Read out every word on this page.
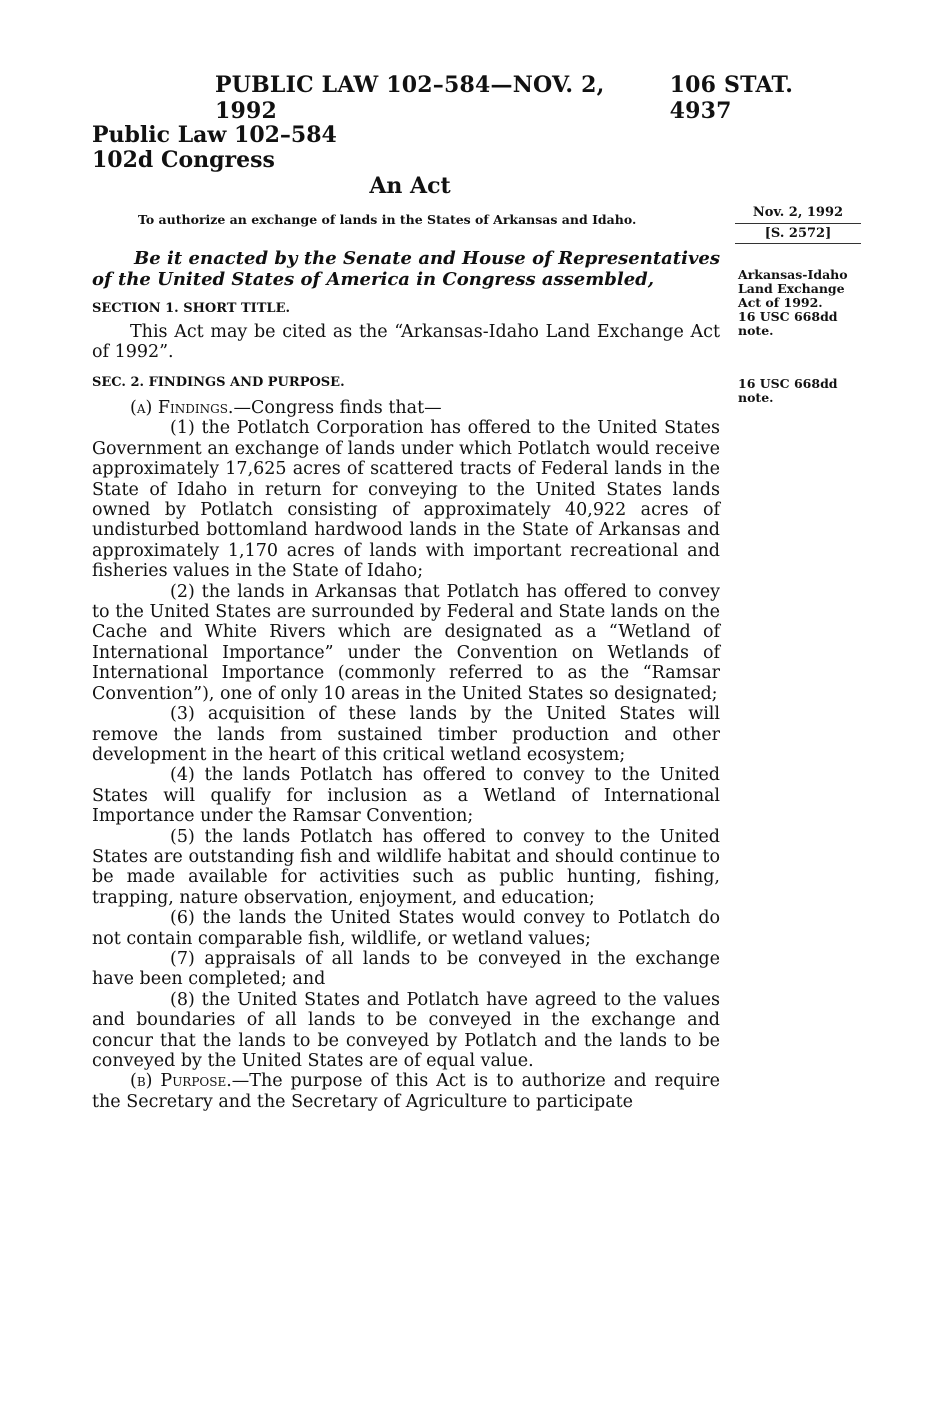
PUBLIC LAW 102–584—NOV. 2, 1992
106 STAT. 4937
Public Law 102–584
102d Congress
An Act
To authorize an exchange of lands in the States of Arkansas and Idaho.	Nov. 2, 1992
[S. 2572]
Arkansas-Idaho
Land Exchange
Act of 1992.
16 USC 668dd
note.
16 USC 668dd
note.
Be it enacted by the Senate and House of Representatives of the United States of America in Congress assembled,
SECTION 1. SHORT TITLE.
This Act may be cited as the “Arkansas-Idaho Land Exchange Act of 1992”.
SEC. 2. FINDINGS AND PURPOSE.

(a) Findings.—Congress finds that—

(1) the Potlatch Corporation has offered to the United States Government an exchange of lands under which Potlatch would receive approximately 17,625 acres of scattered tracts of Federal lands in the State of Idaho in return for conveying to the United States lands owned by Potlatch consisting of approximately 40,922 acres of undisturbed bottomland hardwood lands in the State of Arkansas and approximately 1,170 acres of lands with important recreational and fisheries values in the State of Idaho;

(2) the lands in Arkansas that Potlatch has offered to convey to the United States are surrounded by Federal and State lands on the Cache and White Rivers which are designated as a “Wetland of International Importance” under the Convention on Wetlands of International Importance (commonly referred to as the “Ramsar Convention”), one of only 10 areas in the United States so designated;

(3) acquisition of these lands by the United States will remove the lands from sustained timber production and other development in the heart of this critical wetland ecosystem;

(4) the lands Potlatch has offered to convey to the United States will qualify for inclusion as a Wetland of International Importance under the Ramsar Convention;

(5) the lands Potlatch has offered to convey to the United States are outstanding fish and wildlife habitat and should continue to be made available for activities such as public hunting, fishing, trapping, nature observation, enjoyment, and education;

(6) the lands the United States would convey to Potlatch do not contain comparable fish, wildlife, or wetland values;

(7) appraisals of all lands to be conveyed in the exchange have been completed; and

(8) the United States and Potlatch have agreed to the values and boundaries of all lands to be conveyed in the exchange and concur that the lands to be conveyed by Potlatch and the lands to be conveyed by the United States are of equal value.

(b) Purpose.—The purpose of this Act is to authorize and require the Secretary and the Secretary of Agriculture to participate
